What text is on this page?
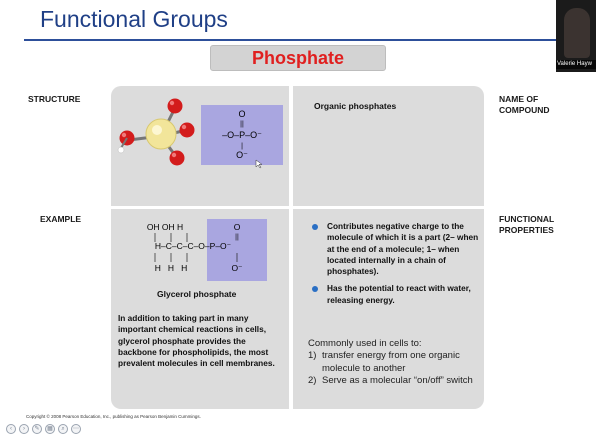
Functional Groups
Valerie Hayw
Phosphate
STRUCTURE	NAME OF
COMPOUND
EXAMPLE	FUNCTIONAL
PROPERTIES
O
||
–O–P–O⁻
|
O⁻
Organic phosphates
OH OH H	O
||
H–C–C–C–O–P–O⁻
H   H   H	O⁻
Glycerol phosphate
In addition to taking part in many important chemical reactions in cells, glycerol phosphate provides the backbone for phospholipids, the most prevalent molecules in cell membranes.
Contributes negative charge to the molecule of which it is a part (2– when at the end of a molecule; 1– when located internally in a chain of phosphates).
Has the potential to react with water, releasing energy.
Commonly used in cells to:
1) transfer energy from one organic molecule to another
2) Serve as a molecular “on/off” switch
Copyright © 2008 Pearson Education, Inc., publishing as Pearson Benjamin Cummings.
‹	›	✎	▦	⌕	⋯
